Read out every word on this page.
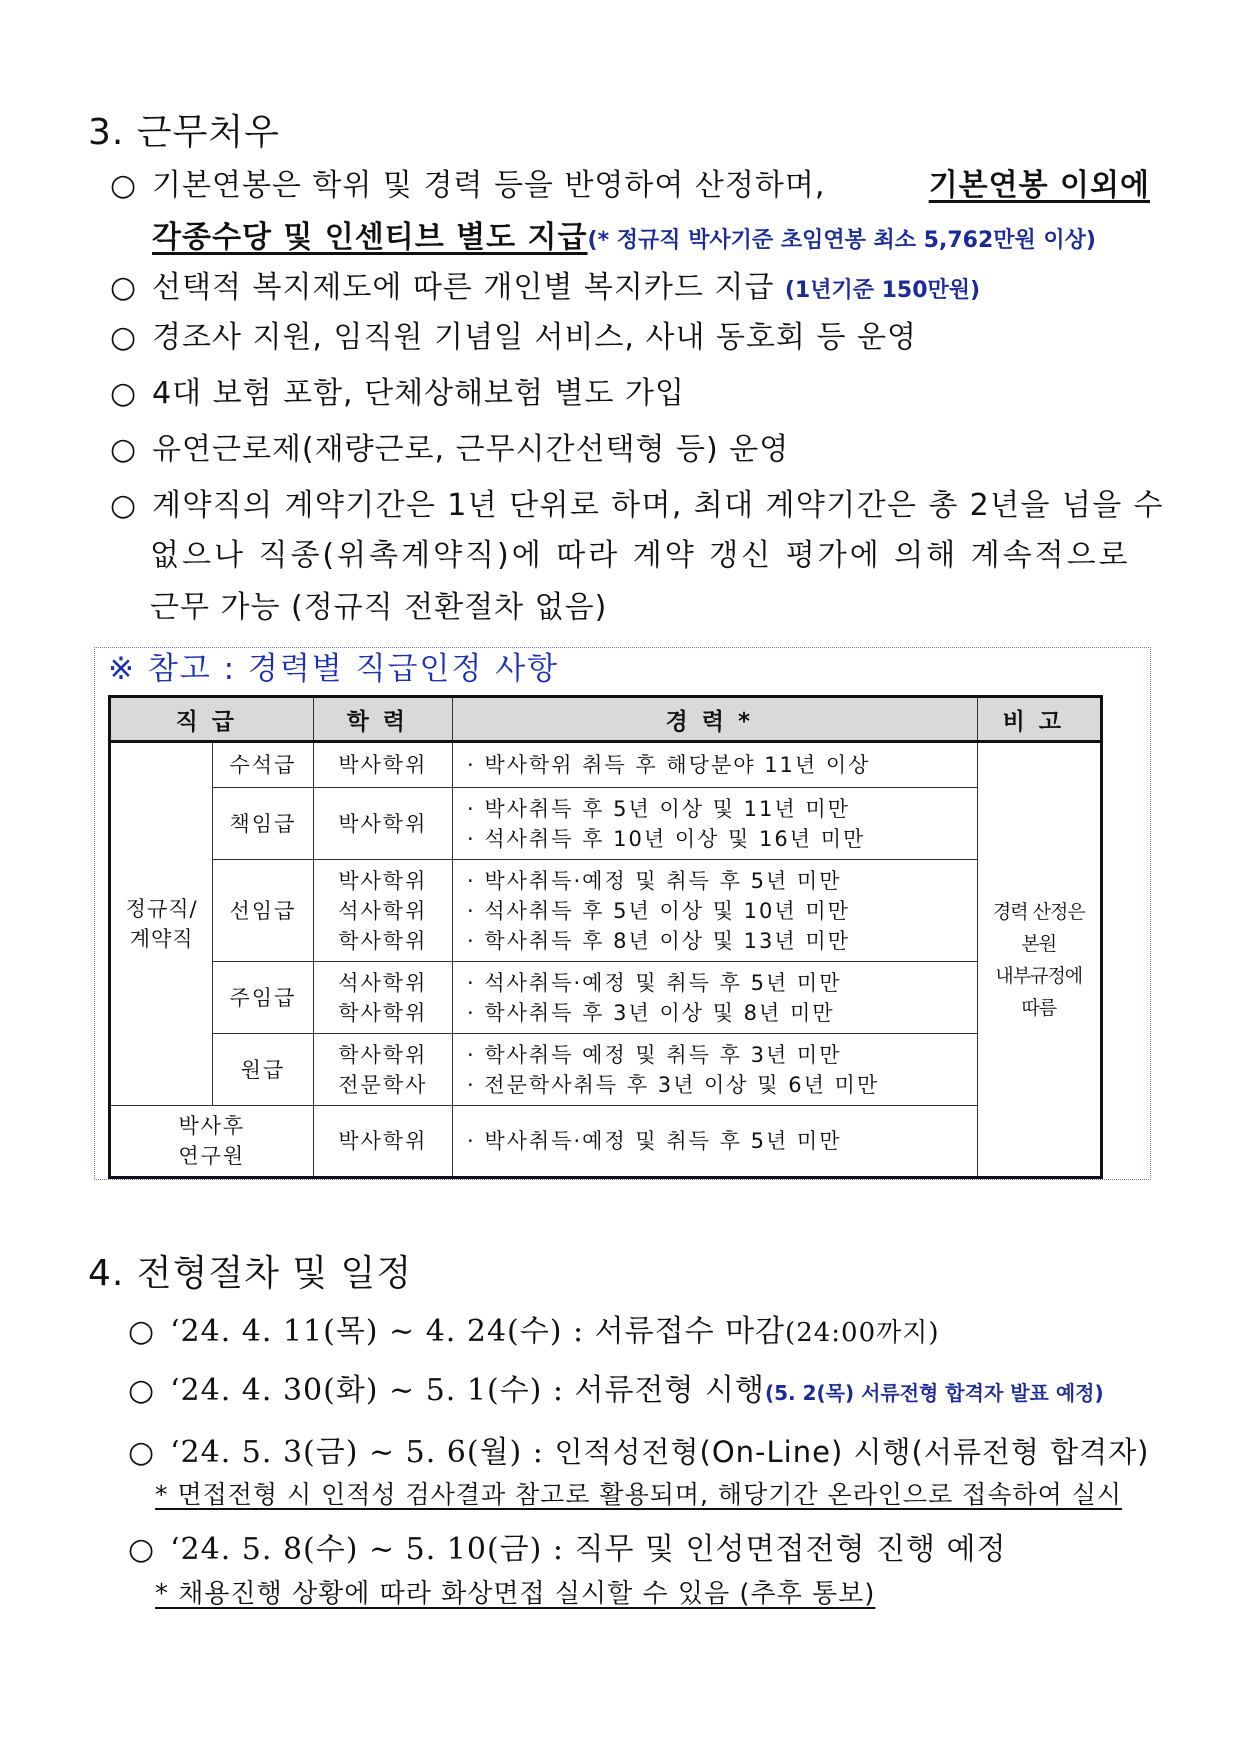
3. 근무처우
○ 기본연봉은 학위 및 경력 등을 반영하여 산정하며,	기본연봉 이외에
각종수당 및 인센티브 별도 지급(* 정규직 박사기준 초임연봉 최소 5,762만원 이상)
○ 선택적 복지제도에 따른 개인별 복지카드 지급 (1년기준 150만원)
○ 경조사 지원, 임직원 기념일 서비스, 사내 동호회 등 운영
○ 4대 보험 포함, 단체상해보험 별도 가입
○ 유연근로제(재량근로, 근무시간선택형 등) 운영
○ 계약직의 계약기간은 1년 단위로 하며, 최대 계약기간은 총 2년을 넘을 수
없으나 직종(위촉계약직)에 따라 계약 갱신 평가에 의해 계속적으로
근무 가능 (정규직 전환절차 없음)
※ 참고 : 경력별 직급인정 사항
직급		학력	경력*	비고
정규직/
계약직	수석급	박사학위	· 박사학위 취득 후 해당분야 11년 이상	경력 산정은
본원
내부규정에
따름

	책임급	박사학위	· 박사취득 후 5년 이상 및 11년 미만
· 석사취득 후 10년 이상 및 16년 미만	

	선임급	박사학위
석사학위
학사학위	· 박사취득·예정 및 취득 후 5년 미만
· 석사취득 후 5년 이상 및 10년 미만
· 학사취득 후 8년 이상 및 13년 미만	

	주임급	석사학위
학사학위	· 석사취득·예정 및 취득 후 5년 미만
· 학사취득 후 3년 이상 및 8년 미만	

	원급	학사학위
전문학사	· 학사취득 예정 및 취득 후 3년 미만
· 전문학사취득 후 3년 이상 및 6년 미만	

박사후
연구원		박사학위	· 박사취득·예정 및 취득 후 5년 미만	
4. 전형절차 및 일정
○ ‘24. 4. 11(목) ~ 4. 24(수) : 서류접수 마감(24:00까지)
○ ‘24. 4. 30(화) ~ 5. 1(수) : 서류전형 시행(5. 2(목) 서류전형 합격자 발표 예정)
○ ‘24. 5. 3(금) ~ 5. 6(월) : 인적성전형(On-Line) 시행(서류전형 합격자)
* 면접전형 시 인적성 검사결과 참고로 활용되며, 해당기간 온라인으로 접속하여 실시
○ ‘24. 5. 8(수) ~ 5. 10(금) : 직무 및 인성면접전형 진행 예정
* 채용진행 상황에 따라 화상면접 실시할 수 있음 (추후 통보)
